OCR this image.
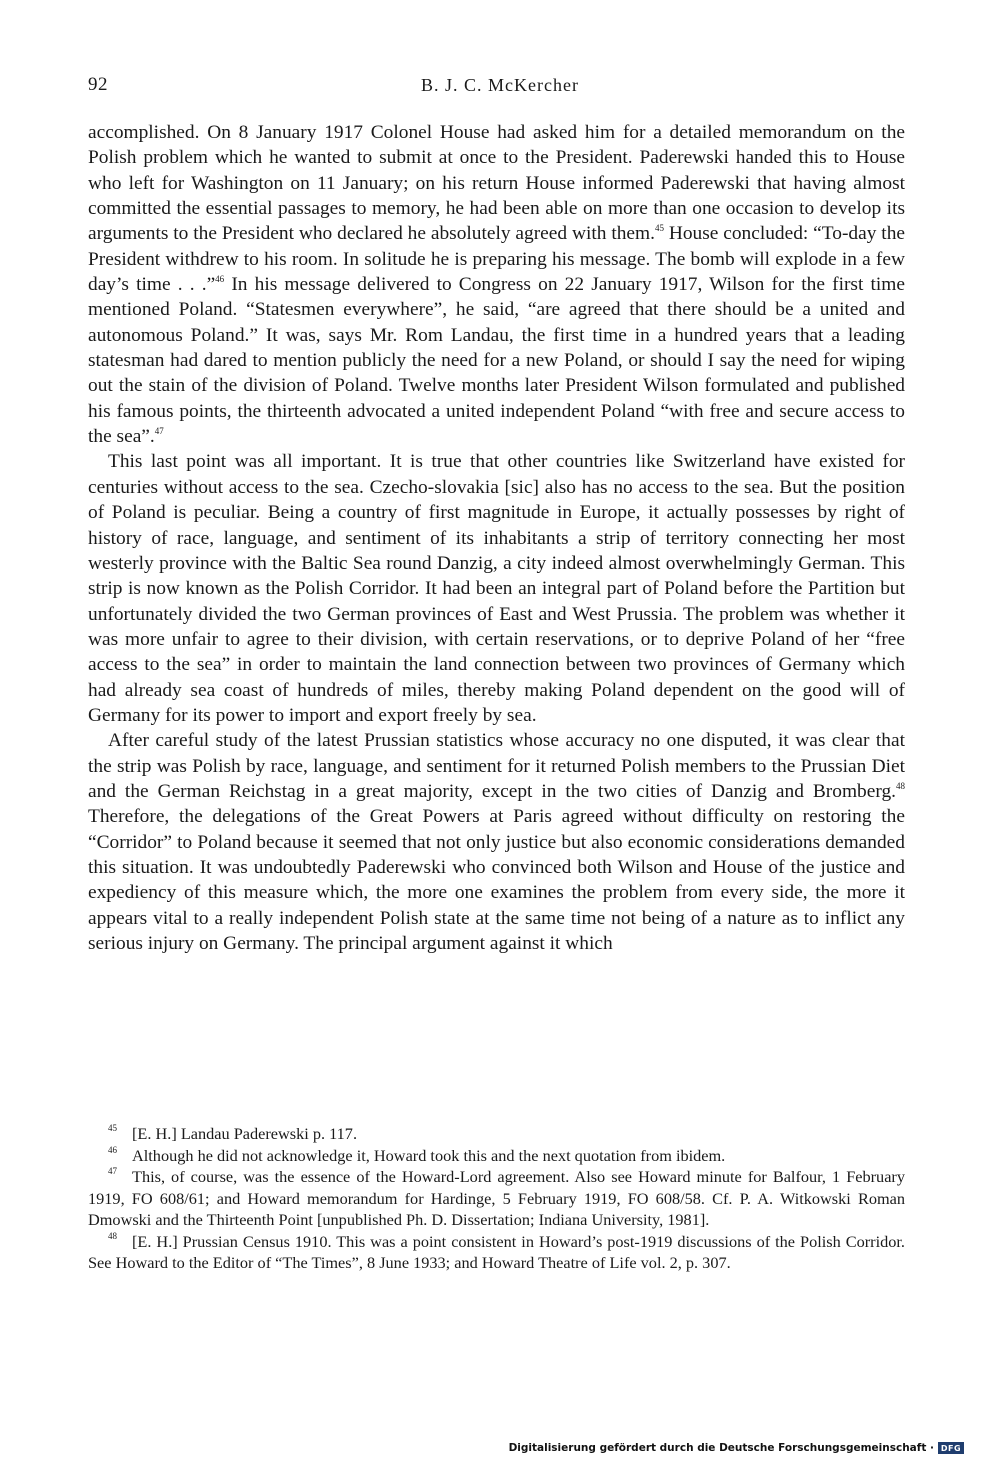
92	B. J. C. McKercher

accomplished. On 8 January 1917 Colonel House had asked him for a detailed memorandum on the Polish problem which he wanted to submit at once to the President. Paderewski handed this to House who left for Washington on 11 January; on his return House informed Paderewski that having almost committed the essential passages to memory, he had been able on more than one occasion to develop its arguments to the President who declared he absolutely agreed with them.$^{45}$ House concluded: “To-day the President withdrew to his room. In solitude he is preparing his message. The bomb will explode in a few day’s time . . .”$^{46}$ In his message delivered to Congress on 22 January 1917, Wilson for the first time mentioned Poland. “Statesmen everywhere”, he said, “are agreed that there should be a united and autonomous Poland.” It was, says Mr. Rom Landau, the first time in a hundred years that a leading statesman had dared to mention publicly the need for a new Poland, or should I say the need for wiping out the stain of the division of Poland. Twelve months later President Wilson formulated and published his famous points, the thirteenth advocated a united independent Poland “with free and secure access to the sea”.$^{47}$

This last point was all important. It is true that other countries like Switzerland have existed for centuries without access to the sea. Czecho-slovakia [sic] also has no access to the sea. But the position of Poland is peculiar. Being a country of first magnitude in Europe, it actually possesses by right of history of race, language, and sentiment of its inhabitants a strip of territory connecting her most westerly province with the Baltic Sea round Danzig, a city indeed almost overwhelmingly German. This strip is now known as the Polish Corridor. It had been an integral part of Poland before the Partition but unfortunately divided the two German provinces of East and West Prussia. The problem was whether it was more unfair to agree to their division, with certain reservations, or to deprive Poland of her “free access to the sea” in order to maintain the land connection between two provinces of Germany which had already sea coast of hundreds of miles, thereby making Poland dependent on the good will of Germany for its power to import and export freely by sea.

After careful study of the latest Prussian statistics whose accuracy no one disputed, it was clear that the strip was Polish by race, language, and sentiment for it returned Polish members to the Prussian Diet and the German Reichstag in a great majority, except in the two cities of Danzig and Bromberg.$^{48}$ Therefore, the delegations of the Great Powers at Paris agreed without difficulty on restoring the “Corridor” to Poland because it seemed that not only justice but also economic considerations demanded this situation. It was undoubtedly Paderewski who convinced both Wilson and House of the justice and expediency of this measure which, the more one examines the problem from every side, the more it appears vital to a really independent Polish state at the same time not being of a nature as to inflict any serious injury on Germany. The principal argument against it which

$^{45}$ [E. H.] Landau Paderewski p. 117.

$^{46}$ Although he did not acknowledge it, Howard took this and the next quotation from ibidem.

$^{47}$ This, of course, was the essence of the Howard-Lord agreement. Also see Howard minute for Balfour, 1 February 1919, FO 608/61; and Howard memorandum for Hardinge, 5 February 1919, FO 608/58. Cf. P. A. Witkowski Roman Dmowski and the Thirteenth Point [unpublished Ph. D. Dissertation; Indiana University, 1981].

$^{48}$ [E. H.] Prussian Census 1910. This was a point consistent in Howard’s post-1919 discussions of the Polish Corridor. See Howard to the Editor of “The Times”, 8 June 1933; and Howard Theatre of Life vol. 2, p. 307.

Digitalisierung gefördert durch die Deutsche Forschungsgemeinschaft · DFG
